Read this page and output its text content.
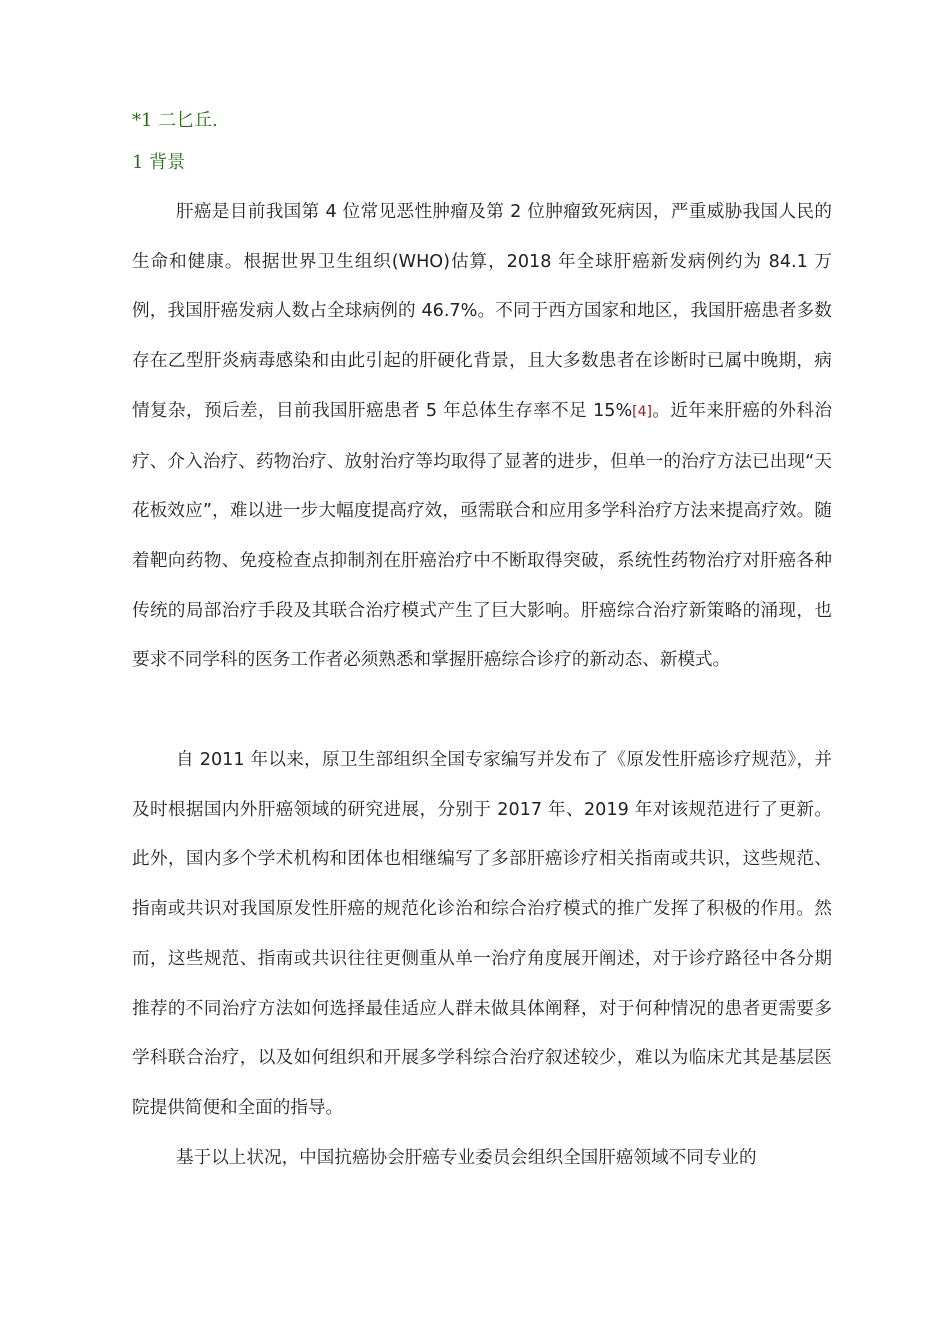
*1 二匕丘.
1 背景

肝癌是目前我国第 4 位常见恶性肿瘤及第 2 位肿瘤致死病因，严重威胁我国人民的生命和健康。根据世界卫生组织(WHO)估算，2018 年全球肝癌新发病例约为 84.1 万例，我国肝癌发病人数占全球病例的 46.7%。不同于西方国家和地区，我国肝癌患者多数存在乙型肝炎病毒感染和由此引起的肝硬化背景，且大多数患者在诊断时已属中晚期，病情复杂，预后差，目前我国肝癌患者 5 年总体生存率不足 15%[4]。近年来肝癌的外科治疗、介入治疗、药物治疗、放射治疗等均取得了显著的进步，但单一的治疗方法已出现“天花板效应”，难以进一步大幅度提高疗效，亟需联合和应用多学科治疗方法来提高疗效。随着靶向药物、免疫检查点抑制剂在肝癌治疗中不断取得突破，系统性药物治疗对肝癌各种传统的局部治疗手段及其联合治疗模式产生了巨大影响。肝癌综合治疗新策略的涌现，也要求不同学科的医务工作者必须熟悉和掌握肝癌综合诊疗的新动态、新模式。

自 2011 年以来，原卫生部组织全国专家编写并发布了《原发性肝癌诊疗规范》，并及时根据国内外肝癌领域的研究进展，分别于 2017 年、2019 年对该规范进行了更新。此外，国内多个学术机构和团体也相继编写了多部肝癌诊疗相关指南或共识，这些规范、指南或共识对我国原发性肝癌的规范化诊治和综合治疗模式的推广发挥了积极的作用。然而，这些规范、指南或共识往往更侧重从单一治疗角度展开阐述，对于诊疗路径中各分期推荐的不同治疗方法如何选择最佳适应人群未做具体阐释，对于何种情况的患者更需要多学科联合治疗，以及如何组织和开展多学科综合治疗叙述较少，难以为临床尤其是基层医院提供简便和全面的指导。

基于以上状况，中国抗癌协会肝癌专业委员会组织全国肝癌领域不同专业的
